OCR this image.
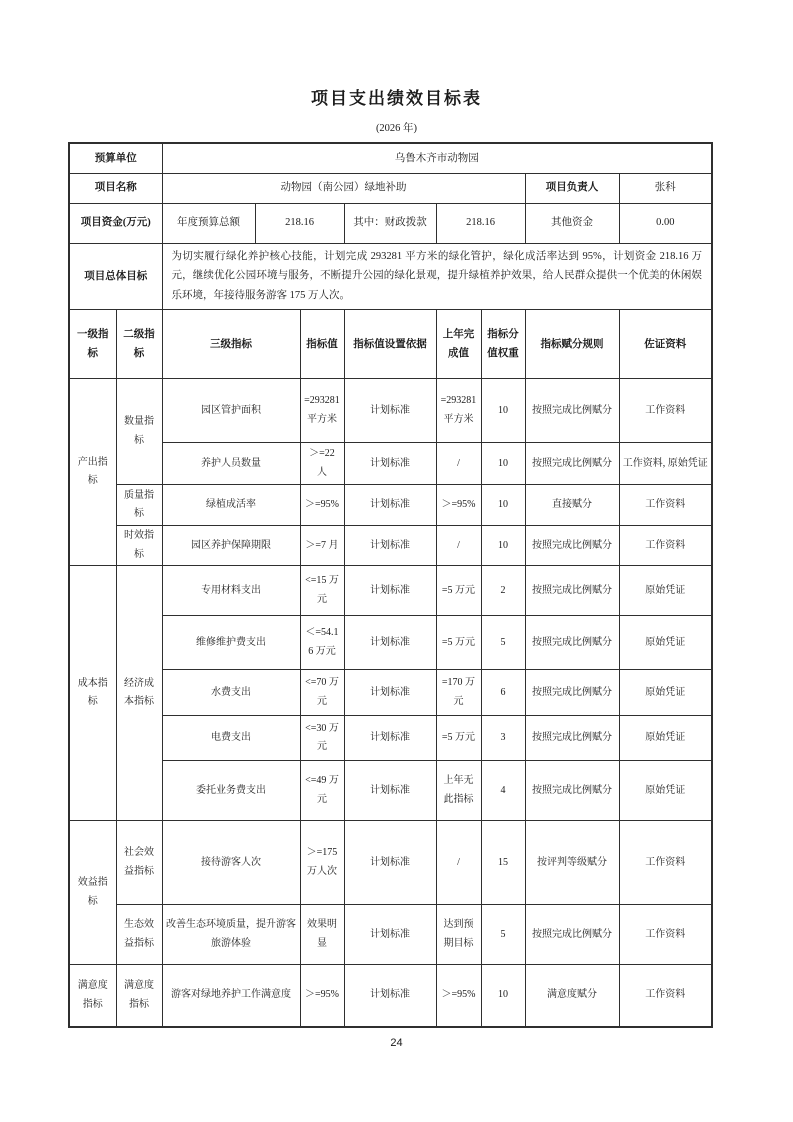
项目支出绩效目标表
(2026 年)
预算单位		乌鲁木齐市动物园							
项目名称		动物园（南公园）绿地补助						项目负责人	张科
项目资金(万元)		年度预算总额	218.16		其中：财政拨款	218.16		其他资金	0.00
项目总体目标		为切实履行绿化养护核心技能，计划完成 293281 平方米的绿化管护，绿化成活率达到 95%，计划资金 218.16 万元，继续优化公园环境与服务，不断提升公园的绿化景观，提升绿植养护效果，给人民群众提供一个优美的休闲娱乐环境，年接待服务游客 175 万人次。							
一级指标	二级指标	三级指标		指标值	指标值设置依据	上年完成值	指标分值权重	指标赋分规则	佐证资料
产出指标	数量指标	园区管护面积		=293281 平方米	计划标准	=293281 平方米	10	按照完成比例赋分	工作资料
		养护人员数量		＞=22 人	计划标准	/	10	按照完成比例赋分	工作资料, 原始凭证
	质量指标	绿植成活率		＞=95%	计划标准	＞=95%	10	直接赋分	工作资料
	时效指标	园区养护保障期限		＞=7 月	计划标准	/	10	按照完成比例赋分	工作资料
成本指标	经济成本指标	专用材料支出		<=15 万元	计划标准	=5 万元	2	按照完成比例赋分	原始凭证
		维修维护费支出		＜=54.16 万元	计划标准	=5 万元	5	按照完成比例赋分	原始凭证
		水费支出		<=70 万元	计划标准	=170 万元	6	按照完成比例赋分	原始凭证
		电费支出		<=30 万元	计划标准	=5 万元	3	按照完成比例赋分	原始凭证
		委托业务费支出		<=49 万元	计划标准	上年无此指标	4	按照完成比例赋分	原始凭证
效益指标	社会效益指标	接待游客人次		＞=175 万人次	计划标准	/	15	按评判等级赋分	工作资料
	生态效益指标	改善生态环境质量，提升游客旅游体验		效果明显	计划标准	达到预期目标	5	按照完成比例赋分	工作资料
满意度指标	满意度指标	游客对绿地养护工作满意度		＞=95%	计划标准	＞=95%	10	满意度赋分	工作资料
24
